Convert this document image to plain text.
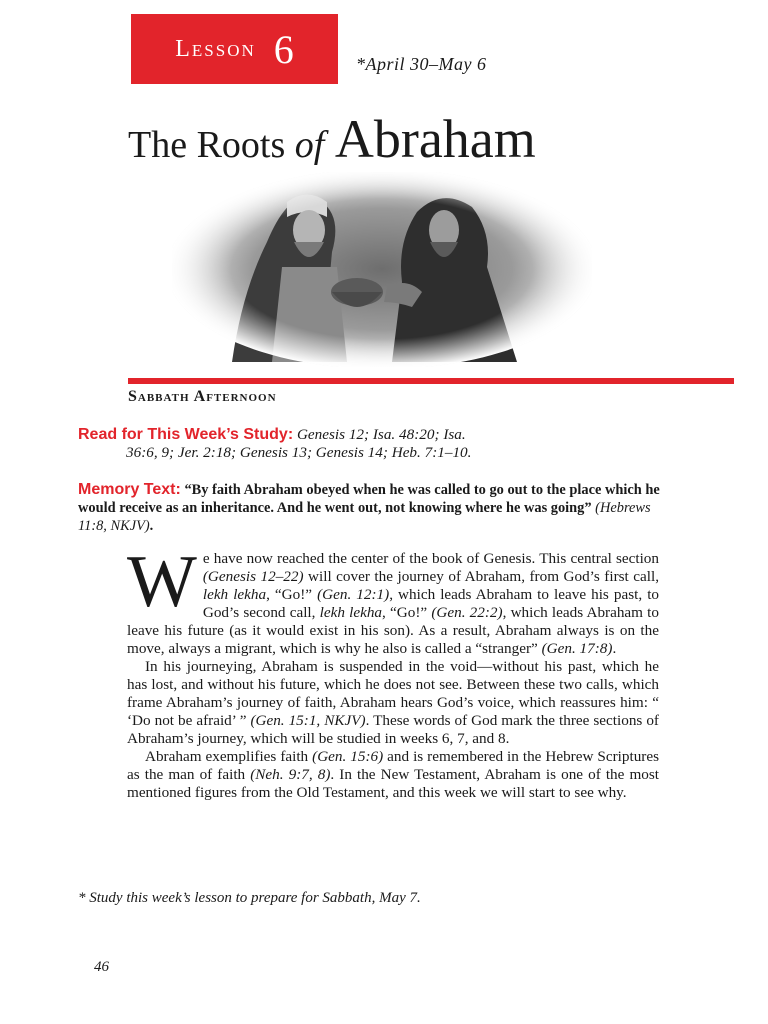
Lesson 6	*April 30–May 6
The Roots of Abraham
Sabbath Afternoon
Read for This Week’s Study: Genesis 12; Isa. 48:20; Isa.
36:6, 9; Jer. 2:18; Genesis 13; Genesis 14; Heb. 7:1–10.
Memory Text: “By faith Abraham obeyed when he was called to go out to the place which he would receive as an inheritance. And he went out, not knowing where he was going” (Hebrews 11:8, NKJV).

We have now reached the center of the book of Genesis. This central section (Genesis 12–22) will cover the journey of Abraham, from God’s first call, lekh lekha, “Go!” (Gen. 12:1), which leads Abraham to leave his past, to God’s second call, lekh lekha, “Go!” (Gen. 22:2), which leads Abraham to leave his future (as it would exist in his son). As a result, Abraham always is on the move, always a migrant, which is why he also is called a “stranger” (Gen. 17:8).

In his journeying, Abraham is suspended in the void—without his past, which he has lost, and without his future, which he does not see. Between these two calls, which frame Abraham’s journey of faith, Abraham hears God’s voice, which reassures him: “ ‘Do not be afraid’ ” (Gen. 15:1, NKJV). These words of God mark the three sections of Abraham’s journey, which will be studied in weeks 6, 7, and 8.

Abraham exemplifies faith (Gen. 15:6) and is remembered in the Hebrew Scriptures as the man of faith (Neh. 9:7, 8). In the New Testament, Abraham is one of the most mentioned figures from the Old Testament, and this week we will start to see why.

* Study this week’s lesson to prepare for Sabbath, May 7.
46
